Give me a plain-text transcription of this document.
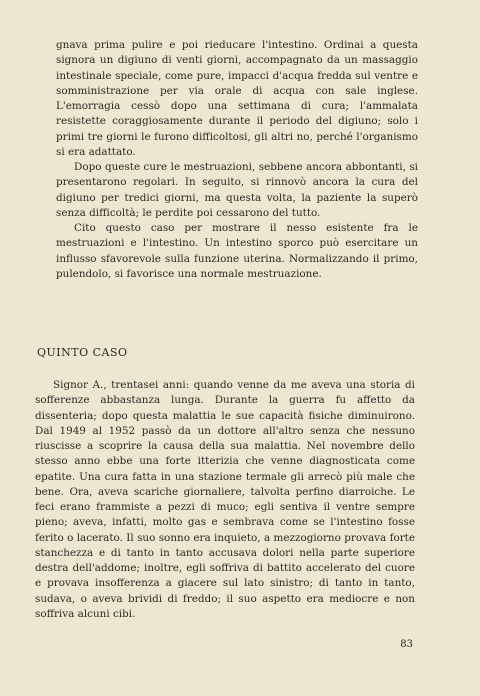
gnava prima pulire e poi rieducare l'intestino. Ordinai a questa signora un digiuno di venti giorni, accompagnato da un massaggio intestinale speciale, come pure, impacci d'acqua fredda sul ventre e somministrazione per via orale di acqua con sale inglese. L'emorragia cessò dopo una settimana di cura; l'ammalata resistette coraggiosamente durante il periodo del digiuno; solo i primi tre giorni le furono difficoltosi, gli altri no, perché l'organismo si era adattato.

Dopo queste cure le mestruazioni, sebbene ancora abbontanti, si presentarono regolari. In seguito, si rinnovò ancora la cura del digiuno per tredici giorni, ma questa volta, la paziente la superò senza difficoltà; le perdite poi cessarono del tutto.

Cito questo caso per mostrare il nesso esistente fra le mestruazioni e l'intestino. Un intestino sporco può esercitare un influsso sfavorevole sulla funzione uterina. Normalizzando il primo, pulendolo, si favorisce una normale mestruazione.

QUINTO CASO

Signor A., trentasei anni: quando venne da me aveva una storia di sofferenze abbastanza lunga. Durante la guerra fu affetto da dissenteria; dopo questa malattia le sue capacità fisiche diminuirono. Dal 1949 al 1952 passò da un dottore all'altro senza che nessuno riuscisse a scoprire la causa della sua malattia. Nel novembre dello stesso anno ebbe una forte itterizia che venne diagnosticata come epatite. Una cura fatta in una stazione termale gli arrecò più male che bene. Ora, aveva scariche giornaliere, talvolta perfino diarroiche. Le feci erano frammiste a pezzi di muco; egli sentiva il ventre sempre pieno; aveva, infatti, molto gas e sembrava come se l'intestino fosse ferito o lacerato. Il suo sonno era inquieto, a mezzogiorno provava forte stanchezza e di tanto in tanto accusava dolori nella parte superiore destra dell'addome; inoltre, egli soffriva di battito accelerato del cuore e provava insofferenza a giacere sul lato sinistro; di tanto in tanto, sudava, o aveva brividi di freddo; il suo aspetto era mediocre e non soffriva alcuni cibi.

83
